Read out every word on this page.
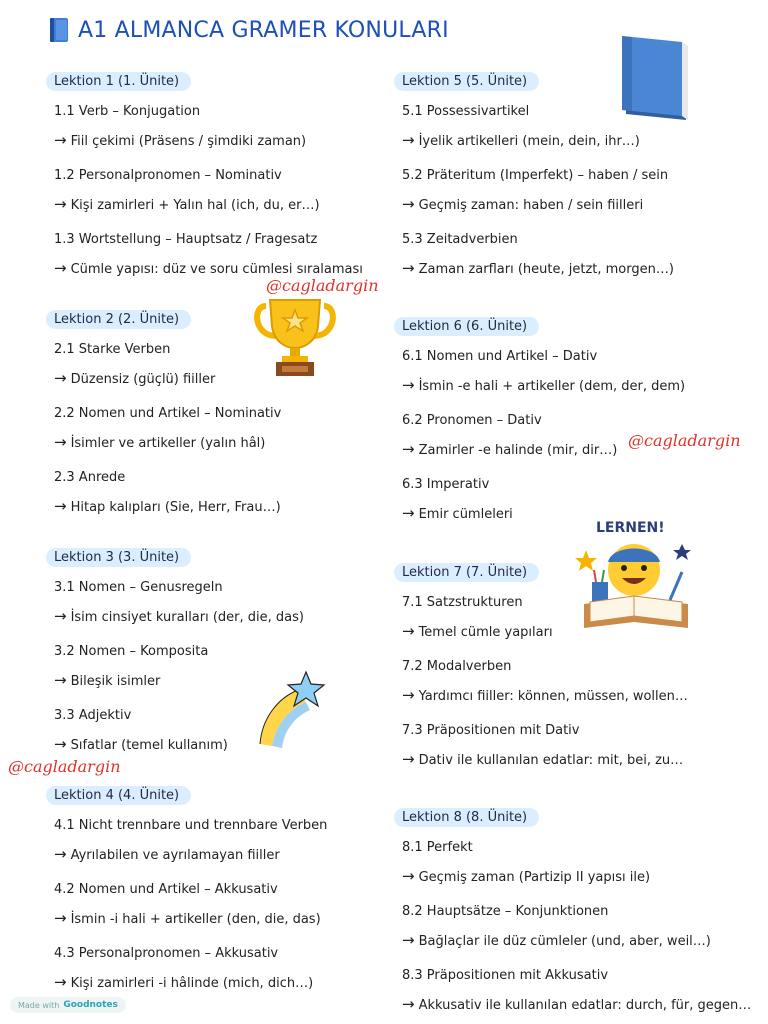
A1 ALMANCA GRAMER KONULARI
Lektion 1 (1. Ünite)
1.1 Verb – Konjugation
→ Fiil çekimi (Präsens / şimdiki zaman)
1.2 Personalpronomen – Nominativ
→ Kişi zamirleri + Yalın hal (ich, du, er…)
1.3 Wortstellung – Hauptsatz / Fragesatz
→ Cümle yapısı: düz ve soru cümlesi sıralaması
Lektion 2 (2. Ünite)
2.1 Starke Verben
→ Düzensiz (güçlü) fiiller
2.2 Nomen und Artikel – Nominativ
→ İsimler ve artikeller (yalın hâl)
2.3 Anrede
→ Hitap kalıpları (Sie, Herr, Frau…)
Lektion 3 (3. Ünite)
3.1 Nomen – Genusregeln
→ İsim cinsiyet kuralları (der, die, das)
3.2 Nomen – Komposita
→ Bileşik isimler
3.3 Adjektiv
→ Sıfatlar (temel kullanım)
Lektion 4 (4. Ünite)
4.1 Nicht trennbare und trennbare Verben
→ Ayrılabilen ve ayrılamayan fiiller
4.2 Nomen und Artikel – Akkusativ
→ İsmin -i hali + artikeller (den, die, das)
4.3 Personalpronomen – Akkusativ
→ Kişi zamirleri -i hâlinde (mich, dich…)
Lektion 5 (5. Ünite)
5.1 Possessivartikel
→ İyelik artikelleri (mein, dein, ihr…)
5.2 Präteritum (Imperfekt) – haben / sein
→ Geçmiş zaman: haben / sein fiilleri
5.3 Zeitadverbien
→ Zaman zarfları (heute, jetzt, morgen…)
Lektion 6 (6. Ünite)
6.1 Nomen und Artikel – Dativ
→ İsmin -e hali + artikeller (dem, der, dem)
6.2 Pronomen – Dativ
→ Zamirler -e halinde (mir, dir…)
6.3 Imperativ
→ Emir cümleleri
Lektion 7 (7. Ünite)
7.1 Satzstrukturen
→ Temel cümle yapıları
7.2 Modalverben
→ Yardımcı fiiller: können, müssen, wollen…
7.3 Präpositionen mit Dativ
→ Dativ ile kullanılan edatlar: mit, bei, zu…
Lektion 8 (8. Ünite)
8.1 Perfekt
→ Geçmiş zaman (Partizip II yapısı ile)
8.2 Hauptsätze – Konjunktionen
→ Bağlaçlar ile düz cümleler (und, aber, weil…)
8.3 Präpositionen mit Akkusativ
→ Akkusativ ile kullanılan edatlar: durch, für, gegen…
@cagladargin
@cagladargin
@cagladargin
LERNEN!
Made with Goodnotes
